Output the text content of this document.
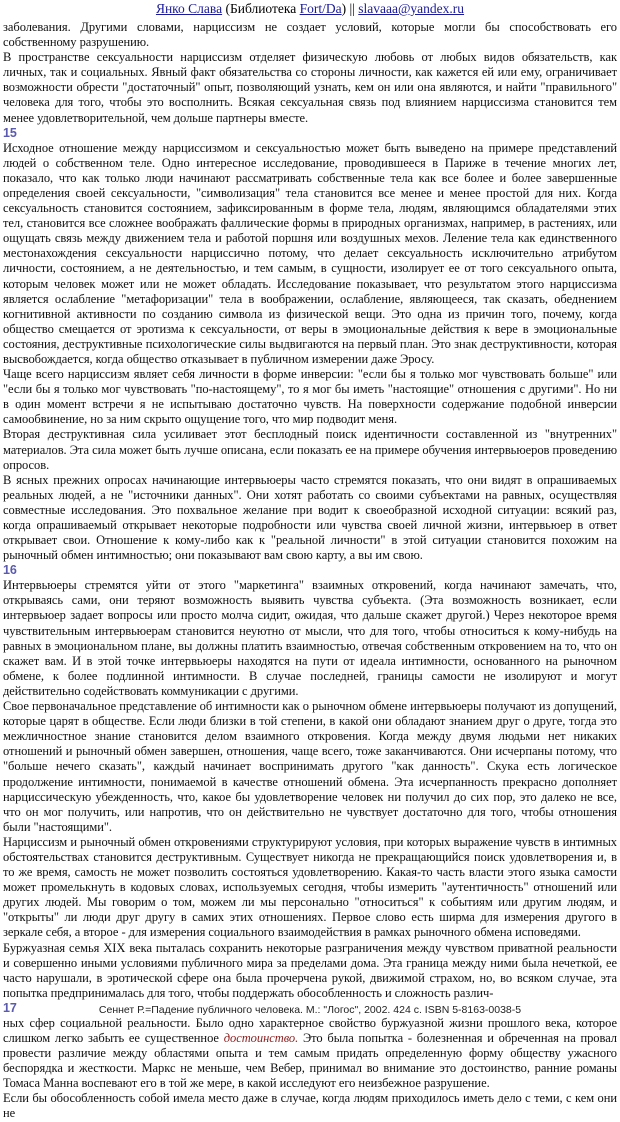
Янко Слава (Библиотека Fort/Da) || slavaaa@yandex.ru

заболевания. Другими словами, нарциссизм не создает условий, которые могли бы способствовать его собственному разрушению.

В пространстве сексуальности нарциссизм отделяет физическую любовь от любых видов обязательств, как личных, так и социальных. Явный факт обязательства со стороны личности, как кажется ей или ему, ограничивает возможности обрести "достаточный" опыт, позволяющий узнать, кем он или она являются, и найти "правильного" человека для того, чтобы это восполнить. Всякая сексуальная связь под влиянием нарциссизма становится тем менее удовлетворительной, чем дольше партнеры вместе.

15

Исходное отношение между нарциссизмом и сексуальностью может быть выведено на примере представлений людей о собственном теле. Одно интересное исследование, проводившееся в Париже в течение многих лет, показало, что как только люди начинают рассматривать собственные тела как все более и более завершенные определения своей сексуальности, "символизация" тела становится все менее и менее простой для них. Когда сексуальность становится состоянием, зафиксированным в форме тела, людям, являющимся обладателями этих тел, становится все сложнее воображать фаллические формы в природных организмах, например, в растениях, или ощущать связь между движением тела и работой поршня или воздушных мехов. Леление тела как единственного местонахождения сексуальности нарциссично потому, что делает сексуальность исключительно атрибутом личности, состоянием, а не деятельностью, и тем самым, в сущности, изолирует ее от того сексуального опыта, которым человек может или не может обладать. Исследование показывает, что результатом этого нарциссизма является ослабление "метафоризации" тела в воображении, ослабление, являющееся, так сказать, обеднением когнитивной активности по созданию символа из физической вещи. Это одна из причин того, почему, когда общество смещается от эротизма к сексуальности, от веры в эмоциональные действия к вере в эмоциональные состояния, деструктивные психологические силы выдвигаются на первый план. Это знак деструктивности, которая высвобождается, когда общество отказывает в публичном измерении даже Эросу.

Чаще всего нарциссизм являет себя личности в форме инверсии: "если бы я только мог чувствовать больше" или "если бы я только мог чувствовать "по-настоящему", то я мог бы иметь "настоящие" отношения с другими". Но ни в один момент встречи я не испытываю достаточно чувств. На поверхности содержание подобной инверсии самообвинение, но за ним скрыто ощущение того, что мир подводит меня.

Вторая деструктивная сила усиливает этот бесплодный поиск идентичности составленной из "внутренних" материалов. Эта сила может быть лучше описана, если показать ее на примере обучения интервьюеров проведению опросов.

В ясных прежних опросах начинающие интервьюеры часто стремятся показать, что они видят в опрашиваемых реальных людей, а не "источники данных". Они хотят работать со своими субъектами на равных, осуществляя совместные исследования. Это похвальное желание при водит к своеобразной исходной ситуации: всякий раз, когда опрашиваемый открывает некоторые подробности или чувства своей личной жизни, интервьюер в ответ открывает свои. Отношение к кому-либо как к "реальной личности" в этой ситуации становится похожим на рыночный обмен интимностью; они показывают вам свою карту, а вы им свою.

16

Интервьюеры стремятся уйти от этого "маркетинга" взаимных откровений, когда начинают замечать, что, открываясь сами, они теряют возможность выявить чувства субъекта. (Эта возможность возникает, если интервьюер задает вопросы или просто молча сидит, ожидая, что дальше скажет другой.) Через некоторое время чувствительным интервьюерам становится неуютно от мысли, что для того, чтобы относиться к кому-нибудь на равных в эмоциональном плане, вы должны платить взаимностью, отвечая собственным откровением на то, что он скажет вам. И в этой точке интервьюеры находятся на пути от идеала интимности, основанного на рыночном обмене, к более подлинной интимности. В случае последней, границы самости не изолируют и могут действительно содействовать коммуникации с другими.

Свое первоначальное представление об интимности как о рыночном обмене интервьюеры получают из допущений, которые царят в обществе. Если люди близки в той степени, в какой они обладают знанием друг о друге, тогда это межличностное знание становится делом взаимного откровения. Когда между двумя людьми нет никаких отношений и рыночный обмен завершен, отношения, чаще всего, тоже заканчиваются. Они исчерпаны потому, что "больше нечего сказать", каждый начинает воспринимать другого "как данность". Скука есть логическое продолжение интимности, понимаемой в качестве отношений обмена. Эта исчерпанность прекрасно дополняет нарциссическую убежденность, что, какое бы удовлетворение человек ни получил до сих пор, это далеко не все, что он мог получить, или напротив, что он действительно не чувствует достаточно для того, чтобы отношения были "настоящими".

Нарциссизм и рыночный обмен откровениями структурируют условия, при которых выражение чувств в интимных обстоятельствах становится деструктивным. Существует никогда не прекращающийся поиск удовлетворения и, в то же время, самость не может позволить состояться удовлетворению. Какая-то часть власти этого языка самости может промелькнуть в кодовых словах, используемых сегодня, чтобы измерить "аутентичность" отношений или других людей. Мы говорим о том, можем ли мы персонально "относиться" к событиям или другим людям, и "открыты" ли люди друг другу в самих этих отношениях. Первое слово есть ширма для измерения другого в зеркале себя, а второе - для измерения социального взаимодействия в рамках рыночного обмена исповедями.

Буржуазная семья XIX века пыталась сохранить некоторые разграничения между чувством приватной реальности и совершенно иными условиями публичного мира за пределами дома. Эта граница между ними была нечеткой, ее часто нарушали, в эротической сфере она была прочерчена рукой, движимой страхом, но, во всяком случае, эта попытка предпринималась для того, чтобы поддержать обособленность и сложность различ-

17

ных сфер социальной реальности. Было одно характерное свойство буржуазной жизни прошлого века, которое слишком легко забыть ее существенное достоинство. Это была попытка - болезненная и обреченная на провал провести различие между областями опыта и тем самым придать определенную форму обществу ужасного беспорядка и жесткости. Маркс не меньше, чем Вебер, принимал во внимание это достоинство, ранние романы Томаса Манна воспевают его в той же мере, в какой исследуют его неизбежное разрушение.

Если бы обособленность собой имела место даже в случае, когда людям приходилось иметь дело с теми, с кем они не

Сеннет Р.=Падение публичного человека. М.: "Логос", 2002. 424 с. ISBN 5-8163-0038-5
